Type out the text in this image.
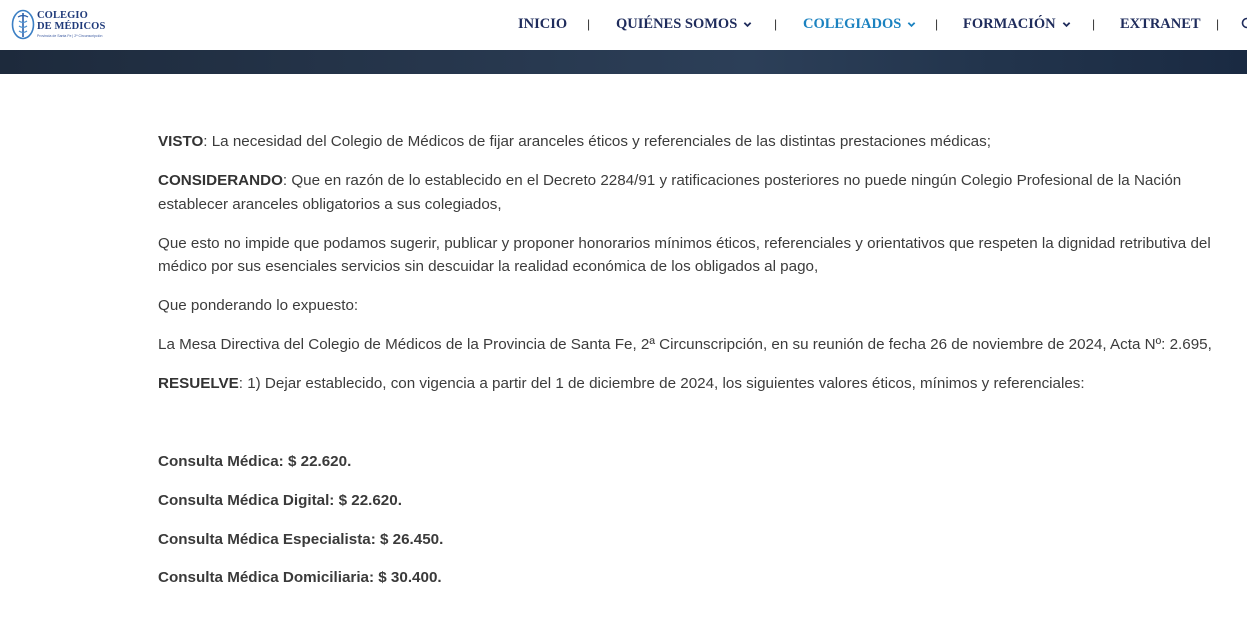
COLEGIO
DE MÉDICOS
Provincia de Santa Fe | 2ª Circunscripción
INICIO | QUIÉNES SOMOS	| COLEGIADOS	| FORMACIÓN	| EXTRANET |

VISTO: La necesidad del Colegio de Médicos de fijar aranceles éticos y referenciales de las distintas prestaciones médicas;

CONSIDERANDO: Que en razón de lo establecido en el Decreto 2284/91 y ratificaciones posteriores no puede ningún Colegio Profesional de la Nación establecer aranceles obligatorios a sus colegiados,

Que esto no impide que podamos sugerir, publicar y proponer honorarios mínimos éticos, referenciales y orientativos que respeten la dignidad retributiva del médico por sus esenciales servicios sin descuidar la realidad económica de los obligados al pago,

Que ponderando lo expuesto:

La Mesa Directiva del Colegio de Médicos de la Provincia de Santa Fe, 2ª Circunscripción, en su reunión de fecha 26 de noviembre de 2024, Acta Nº: 2.695,

RESUELVE: 1) Dejar establecido, con vigencia a partir del 1 de diciembre de 2024, los siguientes valores éticos, mínimos y referenciales:

Consulta Médica: $ 22.620.

Consulta Médica Digital: $ 22.620.

Consulta Médica Especialista: $ 26.450.

Consulta Médica Domiciliaria: $ 30.400.
